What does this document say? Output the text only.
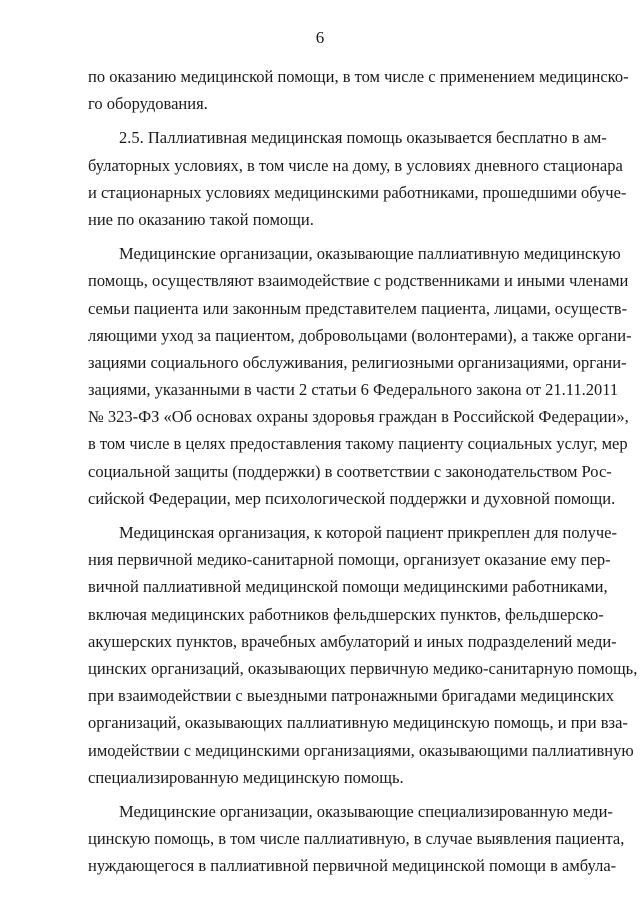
6
по оказанию медицинской помощи, в том числе с применением медицинско-
го оборудования.
2.5. Паллиативная медицинская помощь оказывается бесплатно в ам-
булаторных условиях, в том числе на дому, в условиях дневного стационара
и стационарных условиях медицинскими работниками, прошедшими обуче-
ние по оказанию такой помощи.
Медицинские организации, оказывающие паллиативную медицинскую
помощь, осуществляют взаимодействие с родственниками и иными членами
семьи пациента или законным представителем пациента, лицами, осуществ-
ляющими уход за пациентом, добровольцами (волонтерами), а также органи-
зациями социального обслуживания, религиозными организациями, органи-
зациями, указанными в части 2 статьи 6 Федерального закона от 21.11.2011
№ 323-ФЗ «Об основах охраны здоровья граждан в Российской Федерации»,
в том числе в целях предоставления такому пациенту социальных услуг, мер
социальной защиты (поддержки) в соответствии с законодательством Рос-
сийской Федерации, мер психологической поддержки и духовной помощи.
Медицинская организация, к которой пациент прикреплен для получе-
ния первичной медико-санитарной помощи, организует оказание ему пер-
вичной паллиативной медицинской помощи медицинскими работниками,
включая медицинских работников фельдшерских пунктов, фельдшерско-
акушерских пунктов, врачебных амбулаторий и иных подразделений меди-
цинских организаций, оказывающих первичную медико-санитарную помощь,
при взаимодействии с выездными патронажными бригадами медицинских
организаций, оказывающих паллиативную медицинскую помощь, и при вза-
имодействии с медицинскими организациями, оказывающими паллиативную
специализированную медицинскую помощь.
Медицинские организации, оказывающие специализированную меди-
цинскую помощь, в том числе паллиативную, в случае выявления пациента,
нуждающегося в паллиативной первичной медицинской помощи в амбула-
